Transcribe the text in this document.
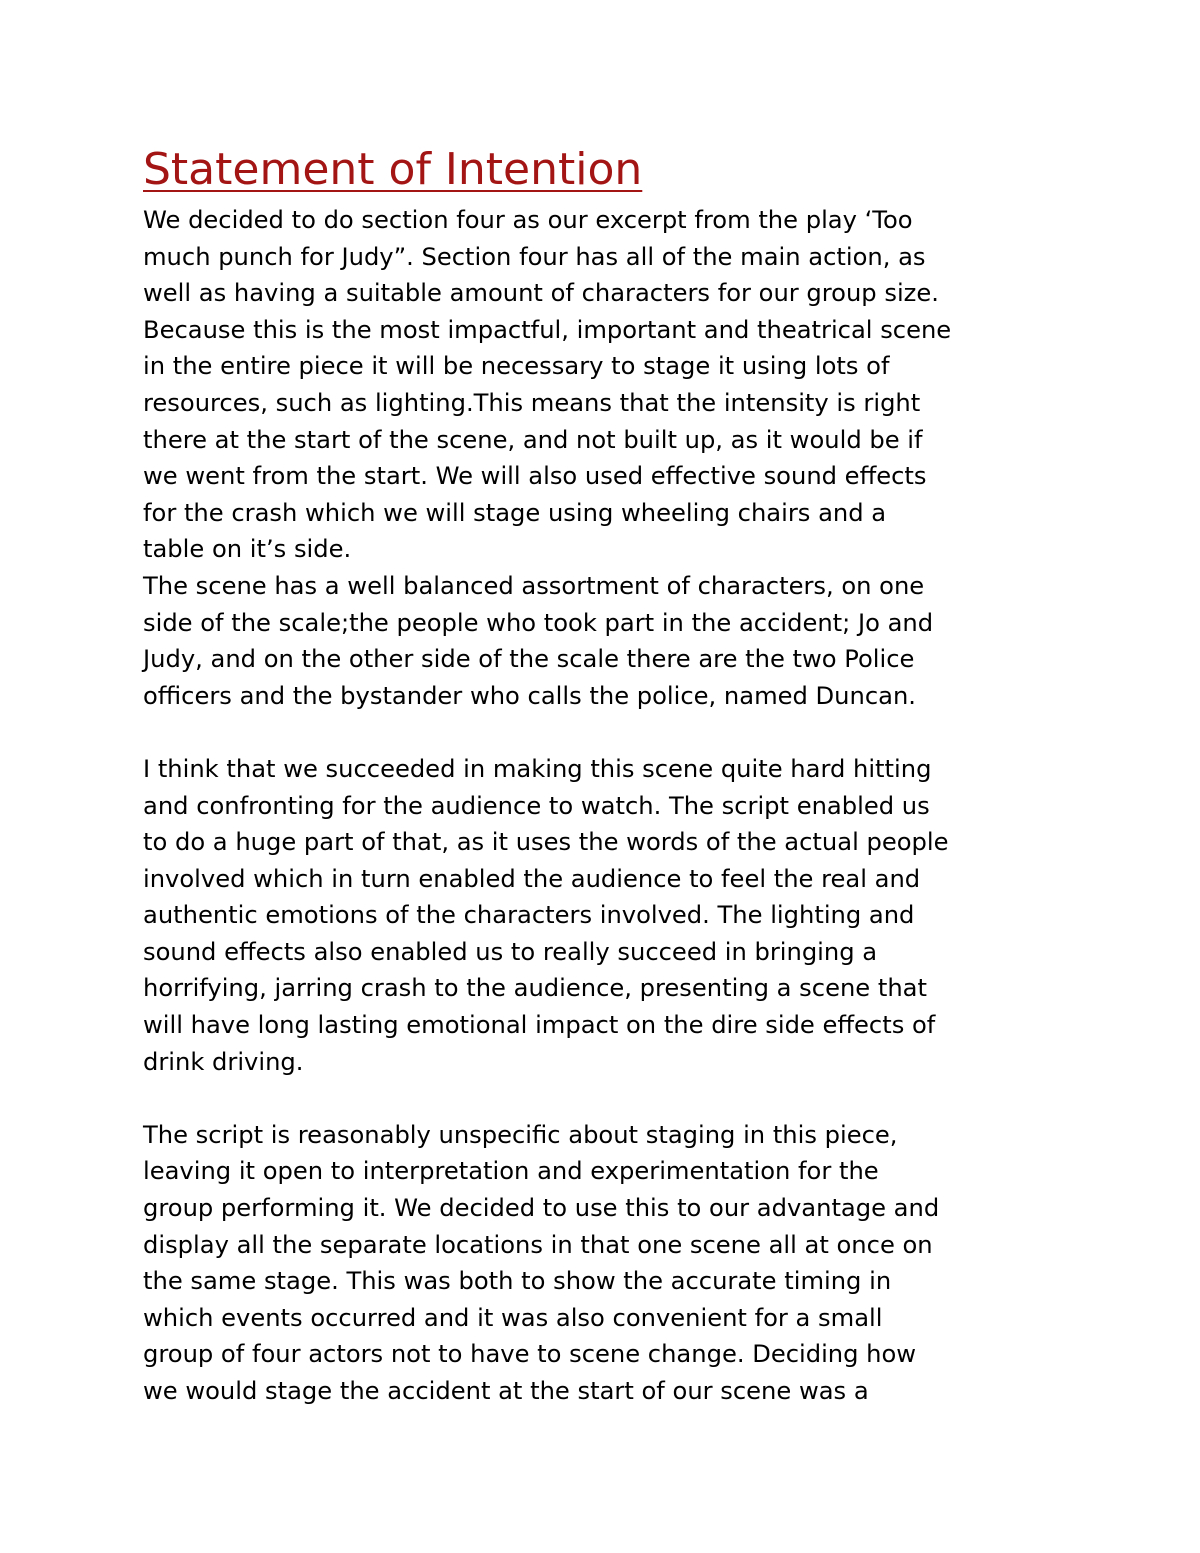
Statement of Intention
We decided to do section four as our excerpt from the play ‘Too
much punch for Judy”. Section four has all of the main action, as
well as having a suitable amount of characters for our group size.
Because this is the most impactful, important and theatrical scene
in the entire piece it will be necessary to stage it using lots of
resources, such as lighting.This means that the intensity is right
there at the start of the scene, and not built up, as it would be if
we went from the start. We will also used effective sound effects
for the crash which we will stage using wheeling chairs and a
table on it’s side.
The scene has a well balanced assortment of characters, on one
side of the scale;the people who took part in the accident; Jo and
Judy, and on the other side of the scale there are the two Police
officers and the bystander who calls the police, named Duncan.
I think that we succeeded in making this scene quite hard hitting
and confronting for the audience to watch. The script enabled us
to do a huge part of that, as it uses the words of the actual people
involved which in turn enabled the audience to feel the real and
authentic emotions of the characters involved. The lighting and
sound effects also enabled us to really succeed in bringing a
horrifying, jarring crash to the audience, presenting a scene that
will have long lasting emotional impact on the dire side effects of
drink driving.
The script is reasonably unspecific about staging in this piece,
leaving it open to interpretation and experimentation for the
group performing it. We decided to use this to our advantage and
display all the separate locations in that one scene all at once on
the same stage. This was both to show the accurate timing in
which events occurred and it was also convenient for a small
group of four actors not to have to scene change. Deciding how
we would stage the accident at the start of our scene was a
